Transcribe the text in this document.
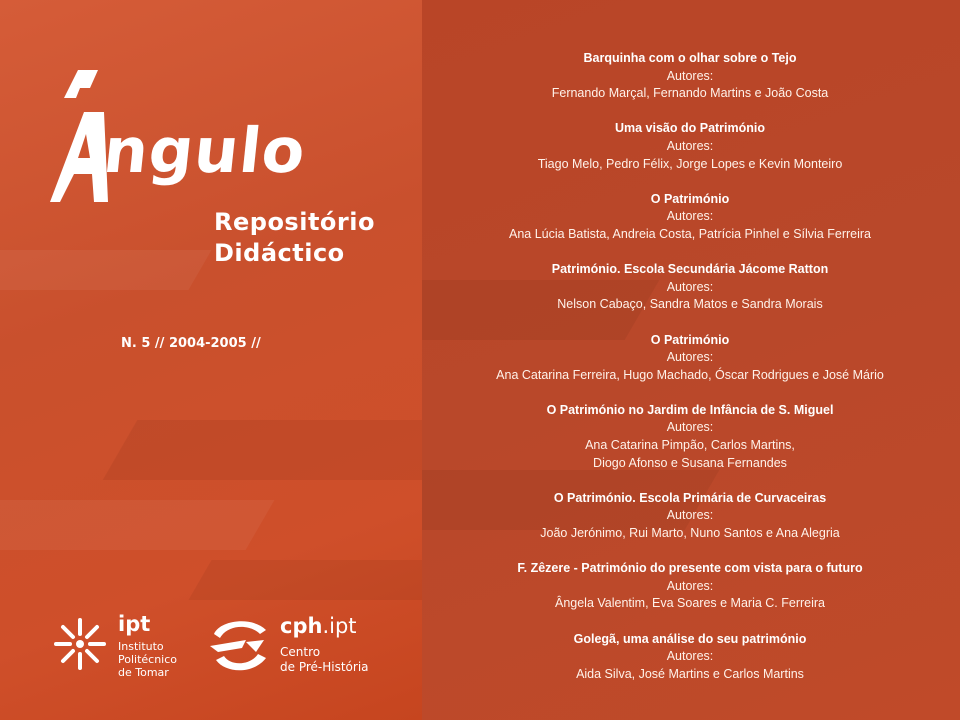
ngulo
Repositório
Didáctico
N. 5 // 2004-2005 //
ipt
Instituto
Politécnico
de Tomar
cph.ipt
Centro
de Pré-História
Barquinha com o olhar sobre o Tejo
Autores:
Fernando Marçal, Fernando Martins e João Costa
Uma visão do Património
Autores:
Tiago Melo, Pedro Félix, Jorge Lopes e Kevin Monteiro
O Património
Autores:
Ana Lúcia Batista, Andreia Costa, Patrícia Pinhel e Sílvia Ferreira
Património. Escola Secundária Jácome Ratton
Autores:
Nelson Cabaço, Sandra Matos e Sandra Morais
O Património
Autores:
Ana Catarina Ferreira, Hugo Machado, Óscar Rodrigues e José Mário
O Património no Jardim de Infância de S. Miguel
Autores:
Ana Catarina Pimpão, Carlos Martins,
Diogo Afonso e Susana Fernandes
O Património. Escola Primária de Curvaceiras
Autores:
João Jerónimo, Rui Marto, Nuno Santos e Ana Alegria
F. Zêzere - Património do presente com vista para o futuro
Autores:
Ângela Valentim, Eva Soares e Maria C. Ferreira
Golegã, uma análise do seu património
Autores:
Aida Silva, José Martins e Carlos Martins
